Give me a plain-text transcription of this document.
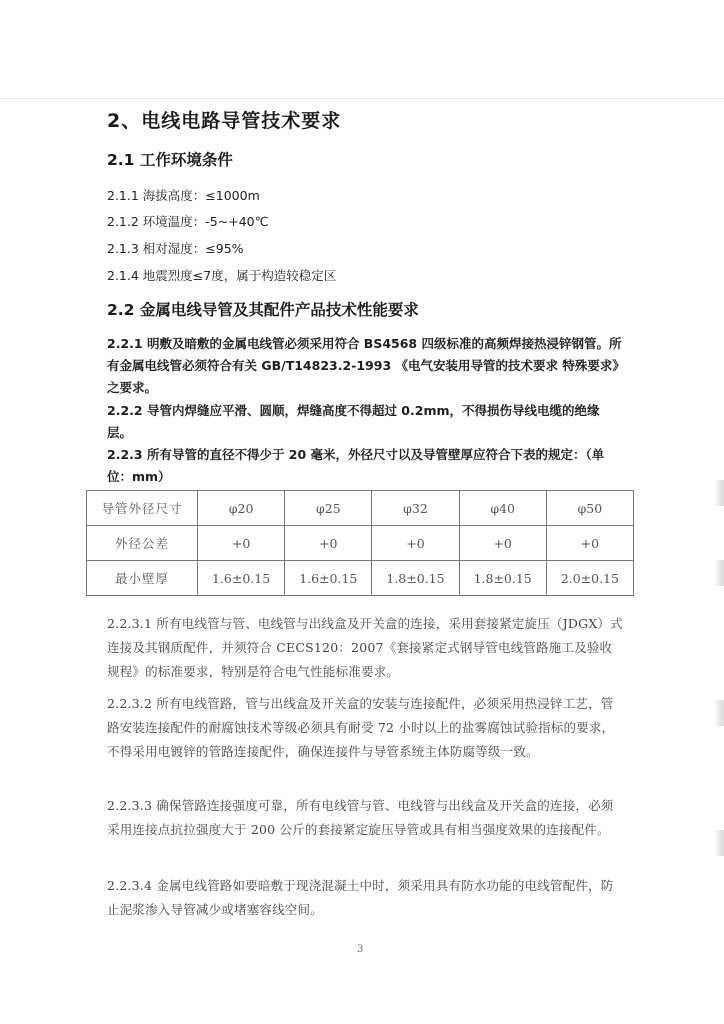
2、电线电路导管技术要求
2.1 工作环境条件
2.1.1 海拔高度：≤1000m
2.1.2 环境温度：-5~+40℃
2.1.3 相对湿度：≤95%
2.1.4 地震烈度≤7度，属于构造较稳定区
2.2 金属电线导管及其配件产品技术性能要求
2.2.1 明敷及暗敷的金属电线管必须采用符合 BS4568 四级标准的高频焊接热浸锌钢管。所有金属电线管必须符合有关 GB/T14823.2-1993 《电气安装用导管的技术要求 特殊要求》之要求。
2.2.2 导管内焊缝应平滑、圆顺，焊缝高度不得超过 0.2mm，不得损伤导线电缆的绝缘层。
2.2.3 所有导管的直径不得少于 20 毫米，外径尺寸以及导管壁厚应符合下表的规定：（单位：mm）
导管外径尺寸	φ20	φ25	φ32	φ40	φ50
外径公差	+0	+0	+0	+0	+0
最小壁厚	1.6±0.15	1.6±0.15	1.8±0.15	1.8±0.15	2.0±0.15
2.2.3.1 所有电线管与管、电线管与出线盒及开关盒的连接，采用套接紧定旋压（JDGX）式连接及其钢质配件，并须符合 CECS120：2007《套接紧定式钢导管电线管路施工及验收规程》的标准要求，特别是符合电气性能标准要求。
2.2.3.2 所有电线管路，管与出线盒及开关盒的安装与连接配件，必须采用热浸锌工艺，管路安装连接配件的耐腐蚀技术等级必须具有耐受 72 小时以上的盐雾腐蚀试验指标的要求，不得采用电镀锌的管路连接配件，确保连接件与导管系统主体防腐等级一致。
2.2.3.3 确保管路连接强度可靠，所有电线管与管、电线管与出线盒及开关盒的连接，必须采用连接点抗拉强度大于 200 公斤的套接紧定旋压导管或具有相当强度效果的连接配件。
2.2.3.4 金属电线管路如要暗敷于现浇混凝土中时，须采用具有防水功能的电线管配件，防止泥浆渗入导管减少或堵塞容线空间。
3
